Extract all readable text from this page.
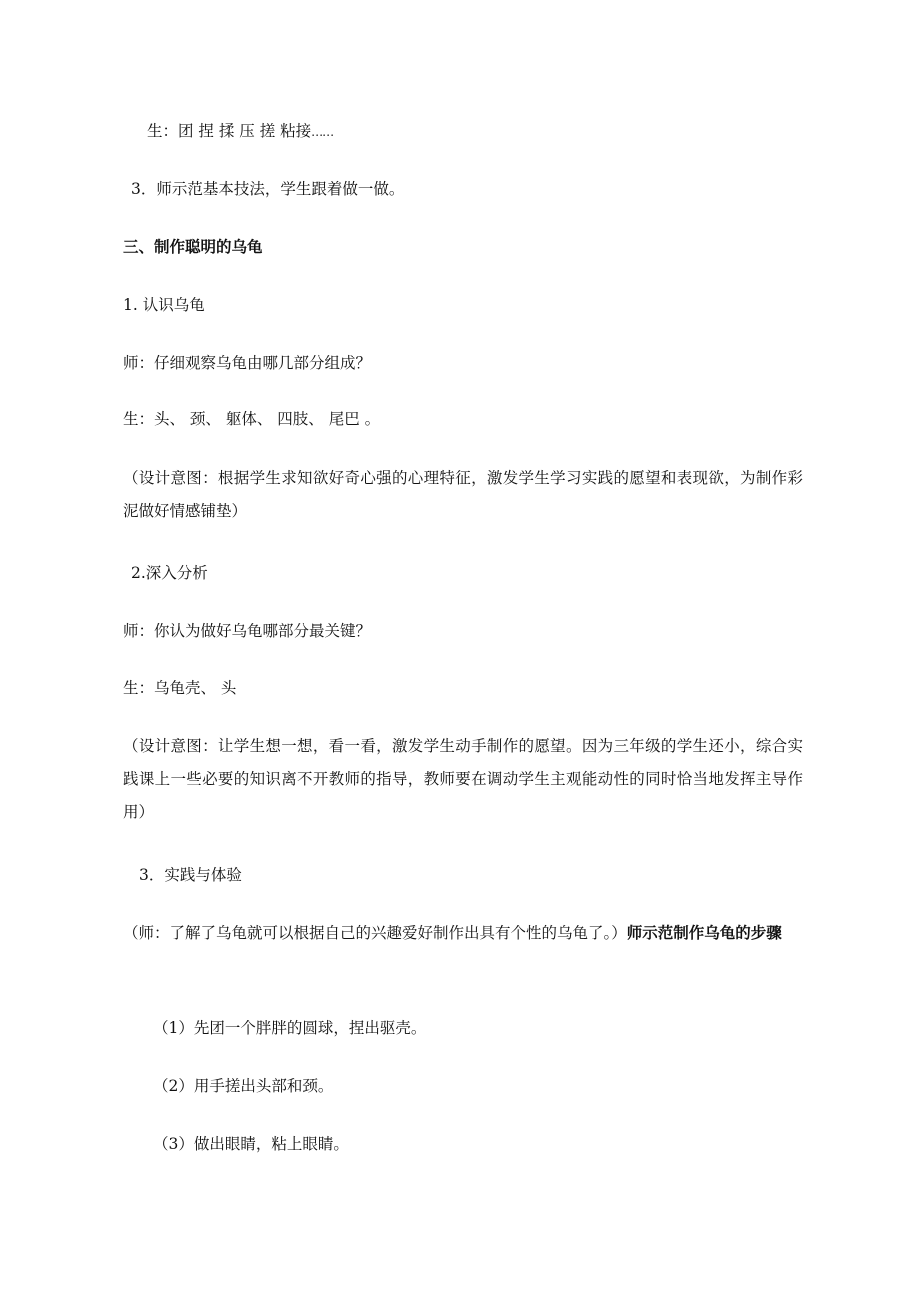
生：团 捏 揉 压 搓 粘接……
3．师示范基本技法，学生跟着做一做。
三、制作聪明的乌龟
1. 认识乌龟
师：仔细观察乌龟由哪几部分组成？
生：头、 颈、 躯体、 四肢、 尾巴 。
（设计意图：根据学生求知欲好奇心强的心理特征，激发学生学习实践的愿望和表现欲，为制作彩泥做好情感铺垫）
2.深入分析
师：你认为做好乌龟哪部分最关键？
生：乌龟壳、 头
（设计意图：让学生想一想，看一看，激发学生动手制作的愿望。因为三年级的学生还小，综合实践课上一些必要的知识离不开教师的指导，教师要在调动学生主观能动性的同时恰当地发挥主导作用）
3．实践与体验
（师：了解了乌龟就可以根据自己的兴趣爱好制作出具有个性的乌龟了。）师示范制作乌龟的步骤
（1）先团一个胖胖的圆球，捏出驱壳。
（2）用手搓出头部和颈。
（3）做出眼睛，粘上眼睛。
